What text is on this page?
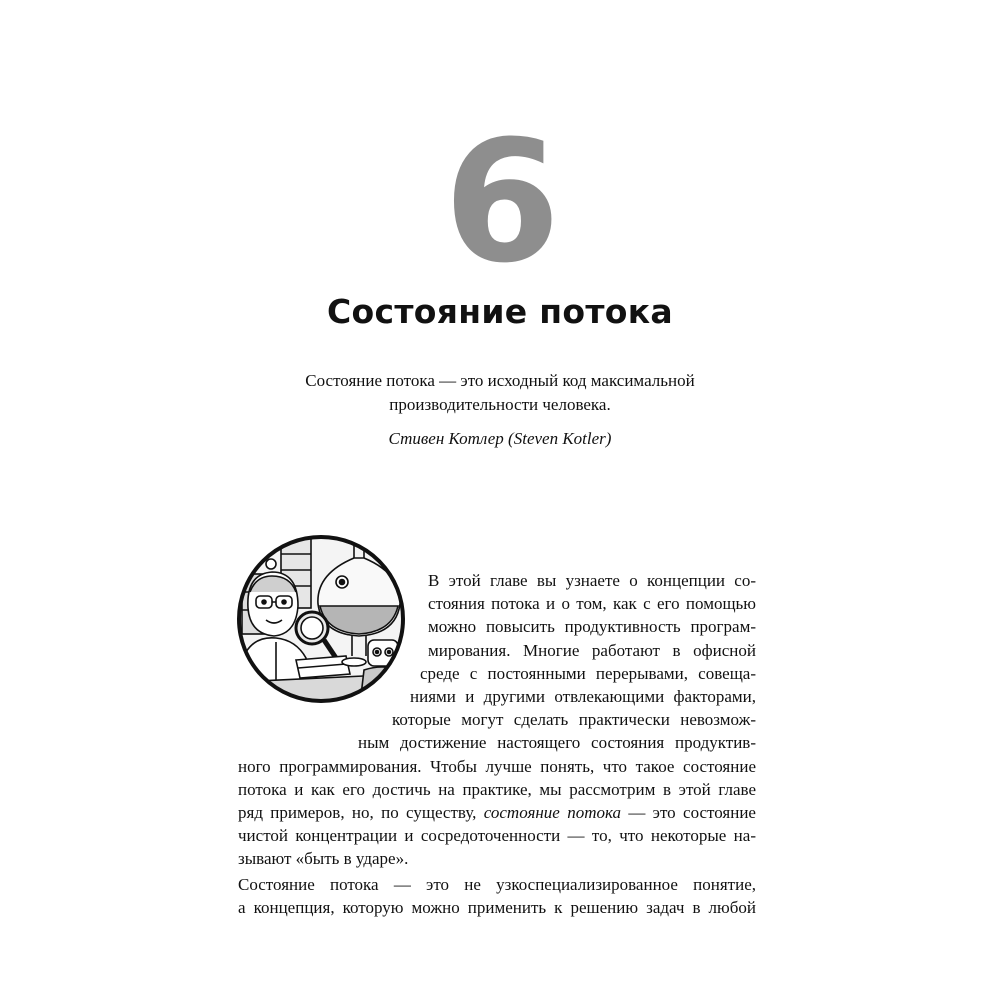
6
Состояние потока
Состояние потока — это исходный код максимальной
производительности человека.
Стивен Котлер (Steven Kotler)
В этой главе вы узнаете о концепции со-
стояния потока и о том, как с его помощью
можно повысить продуктивность програм-
мирования. Многие работают в офисной
среде с постоянными перерывами, совеща-
ниями и другими отвлекающими факторами,
которые могут сделать практически невозмож-
ным достижение настоящего состояния продуктив-
ного программирования. Чтобы лучше понять, что такое состояние
потока и как его достичь на практике, мы рассмотрим в этой главе
ряд примеров, но, по существу, состояние потока — это состояние
чистой концентрации и сосредоточенности — то, что некоторые на-
зывают «быть в ударе».
Состояние потока — это не узкоспециализированное понятие,
а концепция, которую можно применить к решению задач в любой
